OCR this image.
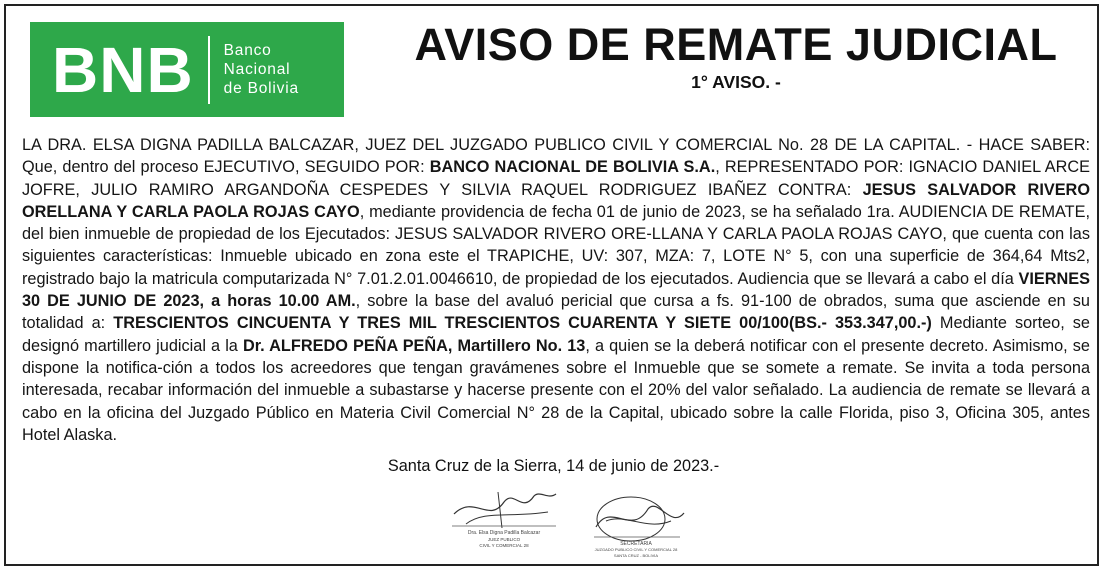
BNB Banco
Nacional
de Bolivia
AVISO DE REMATE JUDICIAL
1° AVISO. -
LA DRA. ELSA DIGNA PADILLA BALCAZAR, JUEZ DEL JUZGADO PUBLICO CIVIL Y COMERCIAL No. 28 DE LA CAPITAL. - HACE SABER: Que, dentro del proceso EJECUTIVO, SEGUIDO POR: BANCO NACIONAL DE BOLIVIA S.A., REPRESENTADO POR: IGNACIO DANIEL ARCE JOFRE, JULIO RAMIRO ARGANDOÑA CESPEDES Y SILVIA RAQUEL RODRIGUEZ IBAÑEZ CONTRA: JESUS SALVADOR RIVERO ORELLANA Y CARLA PAOLA ROJAS CAYO, mediante providencia de fecha 01 de junio de 2023, se ha señalado 1ra. AUDIENCIA DE REMATE, del bien inmueble de propiedad de los Ejecutados: JESUS SALVADOR RIVERO ORE-LLANA Y CARLA PAOLA ROJAS CAYO, que cuenta con las siguientes características: Inmueble ubicado en zona este el TRAPICHE, UV: 307, MZA: 7, LOTE N° 5, con una superficie de 364,64 Mts2, registrado bajo la matricula computarizada N° 7.01.2.01.0046610, de propiedad de los ejecutados. Audiencia que se llevará a cabo el día VIERNES 30 DE JUNIO DE 2023, a horas 10.00 AM., sobre la base del avaluó pericial que cursa a fs. 91-100 de obrados, suma que asciende en su totalidad a: TRESCIENTOS CINCUENTA Y TRES MIL TRESCIENTOS CUARENTA Y SIETE 00/100(BS.- 353.347,00.-) Mediante sorteo, se designó martillero judicial a la Dr. ALFREDO PEÑA PEÑA, Martillero No. 13, a quien se la deberá notificar con el presente decreto. Asimismo, se dispone la notifica-ción a todos los acreedores que tengan gravámenes sobre el Inmueble que se somete a remate. Se invita a toda persona interesada, recabar información del inmueble a subastarse y hacerse presente con el 20% del valor señalado. La audiencia de remate se llevará a cabo en la oficina del Juzgado Público en Materia Civil Comercial N° 28 de la Capital, ubicado sobre la calle Florida, piso 3, Oficina 305, antes Hotel Alaska.
Santa Cruz de la Sierra, 14 de junio de 2023.-
Dra. Elsa Digna Padilla Balcazar
JUEZ PUBLICO
CIVIL Y COMERCIAL 28	SECRETARIA
JUZGADO PUBLICO CIVIL Y COMERCIAL 28
SANTA CRUZ - BOLIVIA
